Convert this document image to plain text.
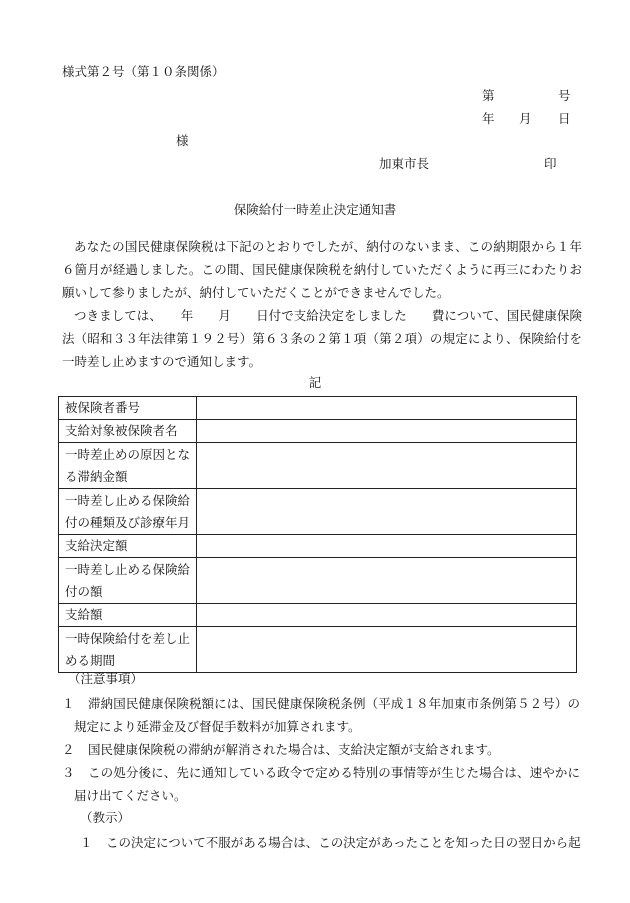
様式第２号（第１０条関係）
第	号
年 月 日
様
加東市長	印
保険給付一時差止決定通知書
あなたの国民健康保険税は下記のとおりでしたが、納付のないまま、この納期限から１年６箇月が経過しました。この間、国民健康保険税を納付していただくように再三にわたりお願いして参りましたが、納付していただくことができませんでした。
つきましては、　　年　　月　　日付で支給決定をしました　　費について、国民健康保険法（昭和３３年法律第１９２号）第６３条の２第１項（第２項）の規定により、保険給付を一時差し止めますので通知します。
記
被保険者番号	
支給対象被保険者名	
一時差止めの原因となる滞納金額	
一時差し止める保険給付の種類及び診療年月	
支給決定額	
一時差し止める保険給付の額	
支給額	
一時保険給付を差し止める期間	
（注意事項）
１	滞納国民健康保険税額には、国民健康保険税条例（平成１８年加東市条例第５２号）の規定により延滞金及び督促手数料が加算されます。
２	国民健康保険税の滞納が解消された場合は、支給決定額が支給されます。
３	この処分後に、先に通知している政令で定める特別の事情等が生じた場合は、速やかに届け出てください。
（教示）
１	この決定について不服がある場合は、この決定があったことを知った日の翌日から起
